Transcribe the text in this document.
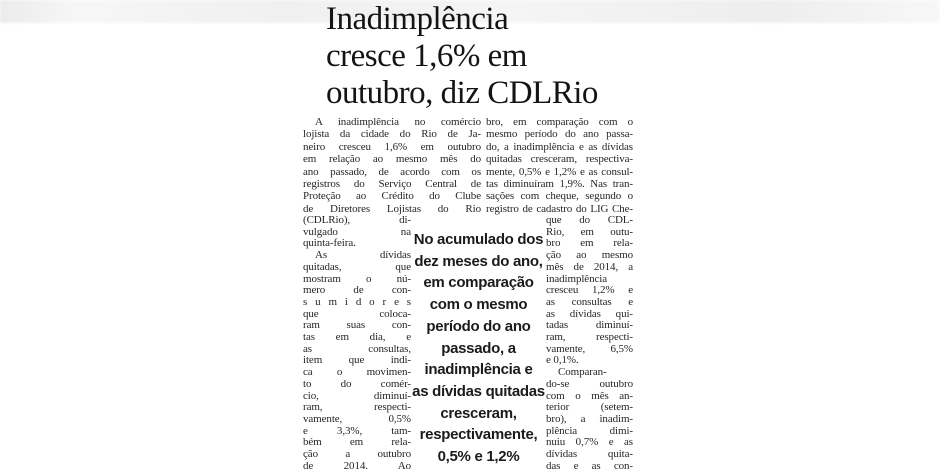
Inadimplência
cresce 1,6% em
outubro, diz CDLRio
A inadimplência no comércio
lojista da cidade do Rio de Ja-
neiro cresceu 1,6% em outubro
em relação ao mesmo mês do
ano passado, de acordo com os
registros do Serviço Central de
Proteção ao Crédito do Clube
de Diretores Lojistas do Rio
(CDLRio), di-
vulgado na
quinta-feira.
As dívidas
quitadas, que
mostram o nú-
mero de con-
s u m i d o r e s
que coloca-
ram suas con-
tas em dia, e
as consultas,
item que indi-
ca o movimen-
to do comér-
cio, diminuí-
ram, respecti-
vamente, 0,5%
e 3,3%, tam-
bém em rela-
ção a outubro
de 2014. Ao
bro, em comparação com o
mesmo período do ano passa-
do, a inadimplência e as dívidas
quitadas cresceram, respectiva-
mente, 0,5% e 1,2% e as consul-
tas diminuíram 1,9%. Nas tran-
sações com cheque, segundo o
registro de cadastro do LIG Che-
que do CDL-
Rio, em outu-
bro em rela-
ção ao mesmo
mês de 2014, a
inadimplência
cresceu 1,2% e
as consultas e
as dívidas qui-
tadas diminuí-
ram, respecti-
vamente, 6,5%
e 0,1%.
Comparan-
do-se outubro
com o mês an-
terior (setem-
bro), a inadim-
plência dimi-
nuiu 0,7% e as
dívidas quita-
das e as con-
No acumulado dos
dez meses do ano,
em comparação
com o mesmo
período do ano
passado, a
inadimplência e
as dívidas quitadas
cresceram,
respectivamente,
0,5% e 1,2%
